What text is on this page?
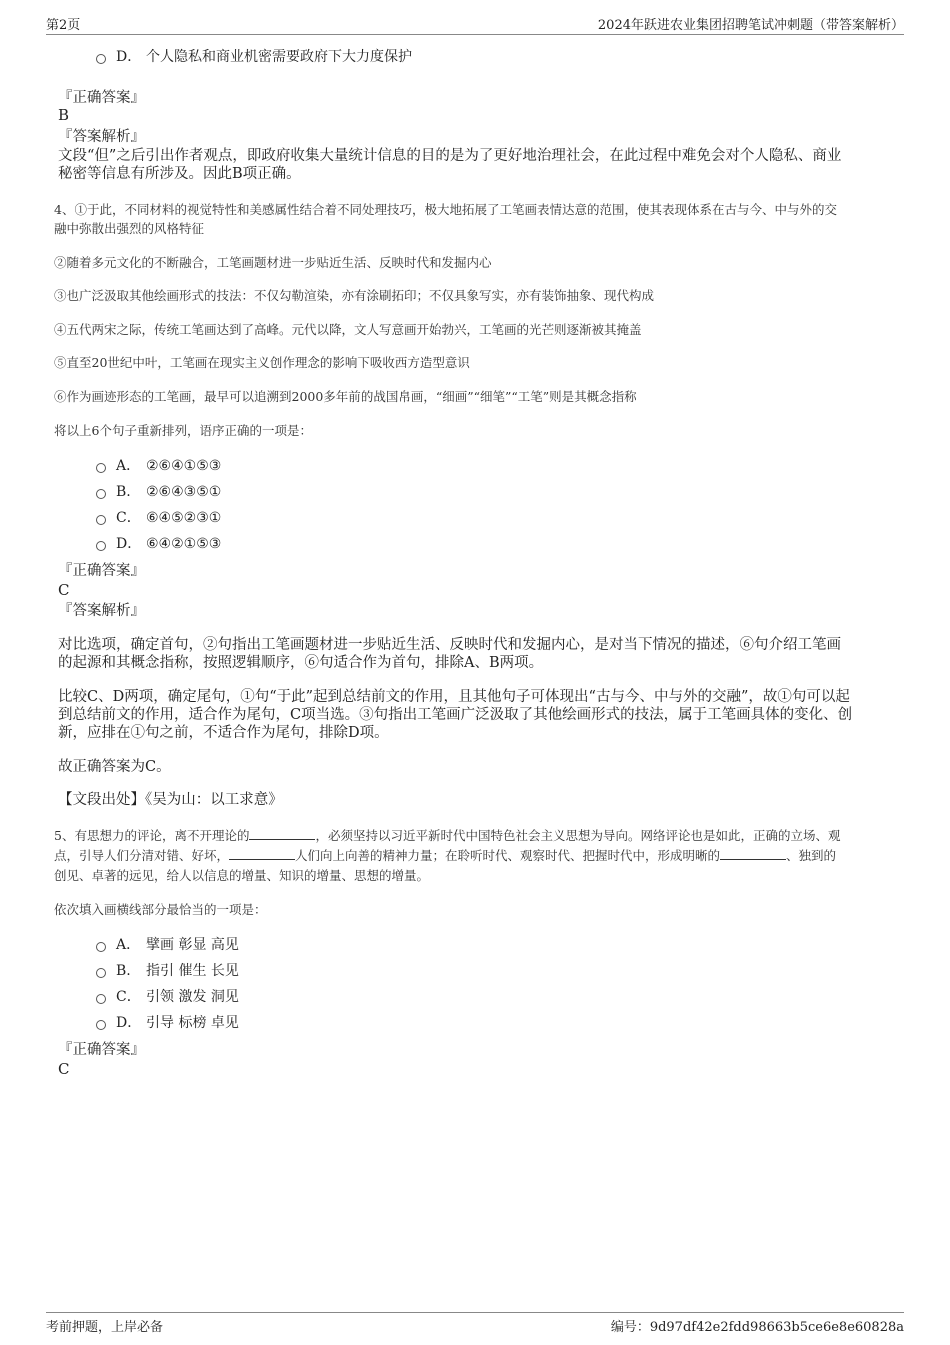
第2页	2024年跃进农业集团招聘笔试冲刺题（带答案解析）
D． 个人隐私和商业机密需要政府下大力度保护
『正确答案』
B
『答案解析』
文段“但”之后引出作者观点，即政府收集大量统计信息的目的是为了更好地治理社会，在此过程中难免会对个人隐私、商业
秘密等信息有所涉及。因此B项正确。
4、①于此，不同材料的视觉特性和美感属性结合着不同处理技巧，极大地拓展了工笔画表情达意的范围，使其表现体系在古与今、中与外的交
融中弥散出强烈的风格特征
②随着多元文化的不断融合，工笔画题材进一步贴近生活、反映时代和发掘内心
③也广泛汲取其他绘画形式的技法：不仅勾勒渲染，亦有涂刷拓印；不仅具象写实，亦有装饰抽象、现代构成
④五代两宋之际，传统工笔画达到了高峰。元代以降，文人写意画开始勃兴，工笔画的光芒则逐渐被其掩盖
⑤直至20世纪中叶，工笔画在现实主义创作理念的影响下吸收西方造型意识
⑥作为画迹形态的工笔画，最早可以追溯到2000多年前的战国帛画，“细画”“细笔”“工笔”则是其概念指称
将以上6个句子重新排列，语序正确的一项是：
A． ②⑥④①⑤③
B. ②⑥④③⑤①
C． ⑥④⑤②③①
D． ⑥④②①⑤③
『正确答案』
C
『答案解析』
对比选项，确定首句，②句指出工笔画题材进一步贴近生活、反映时代和发掘内心，是对当下情况的描述，⑥句介绍工笔画
的起源和其概念指称，按照逻辑顺序，⑥句适合作为首句，排除A、B两项。
比较C、D两项，确定尾句，①句“于此”起到总结前文的作用，且其他句子可体现出“古与今、中与外的交融”，故①句可以起
到总结前文的作用，适合作为尾句，C项当选。③句指出工笔画广泛汲取了其他绘画形式的技法，属于工笔画具体的变化、创
新，应排在①句之前，不适合作为尾句，排除D项。
故正确答案为C。
【文段出处】《吴为山：以工求意》
5、有思想力的评论，离不开理论的	，必须坚持以习近平新时代中国特色社会主义思想为导向。网络评论也是如此，正确的立场、观
点，引导人们分清对错、好坏，	人们向上向善的精神力量；在聆听时代、观察时代、把握时代中，形成明晰的	、独到的
创见、卓著的远见，给人以信息的增量、知识的增量、思想的增量。
依次填入画横线部分最恰当的一项是：
A． 擘画 彰显 高见
B. 指引 催生 长见
C． 引领 激发 洞见
D． 引导 标榜 卓见
『正确答案』
C
考前押题，上岸必备	编号：9d97df42e2fdd98663b5ce6e8e60828a
